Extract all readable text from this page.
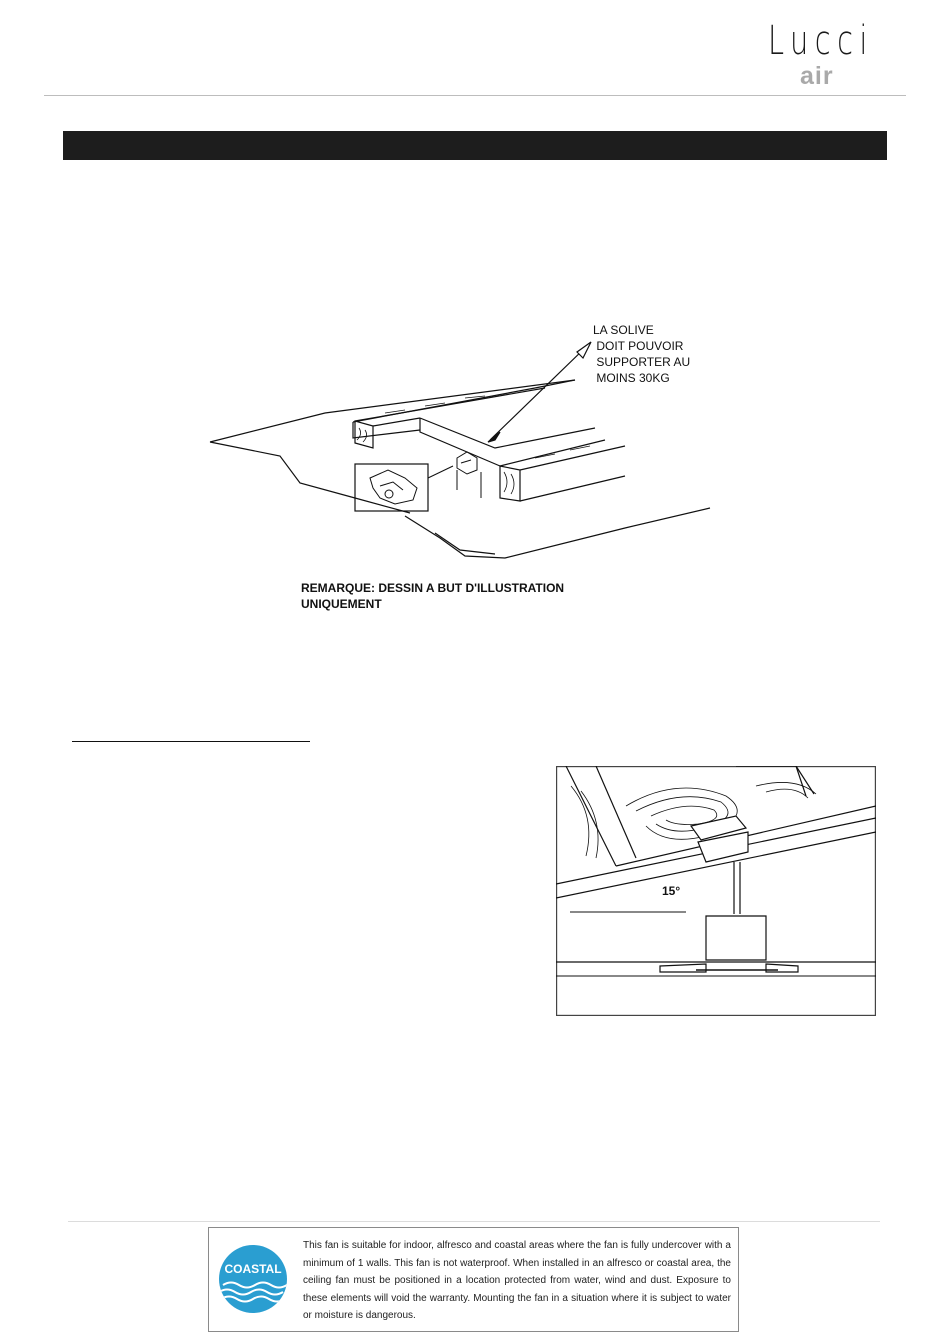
Lucci
air
LA SOLIVE
DOIT POUVOIR
SUPPORTER AU
MOINS 30KG
REMARQUE: DESSIN A BUT D'ILLUSTRATION
UNIQUEMENT
15°
COASTAL
This fan is suitable for indoor, alfresco and coastal areas where the fan is fully undercover with a minimum of 1 walls. This fan is not waterproof. When installed in an alfresco or coastal area, the ceiling fan must be positioned in a location protected from water, wind and dust. Exposure to these elements will void the warranty. Mounting the fan in a situation where it is subject to water or moisture is dangerous.
